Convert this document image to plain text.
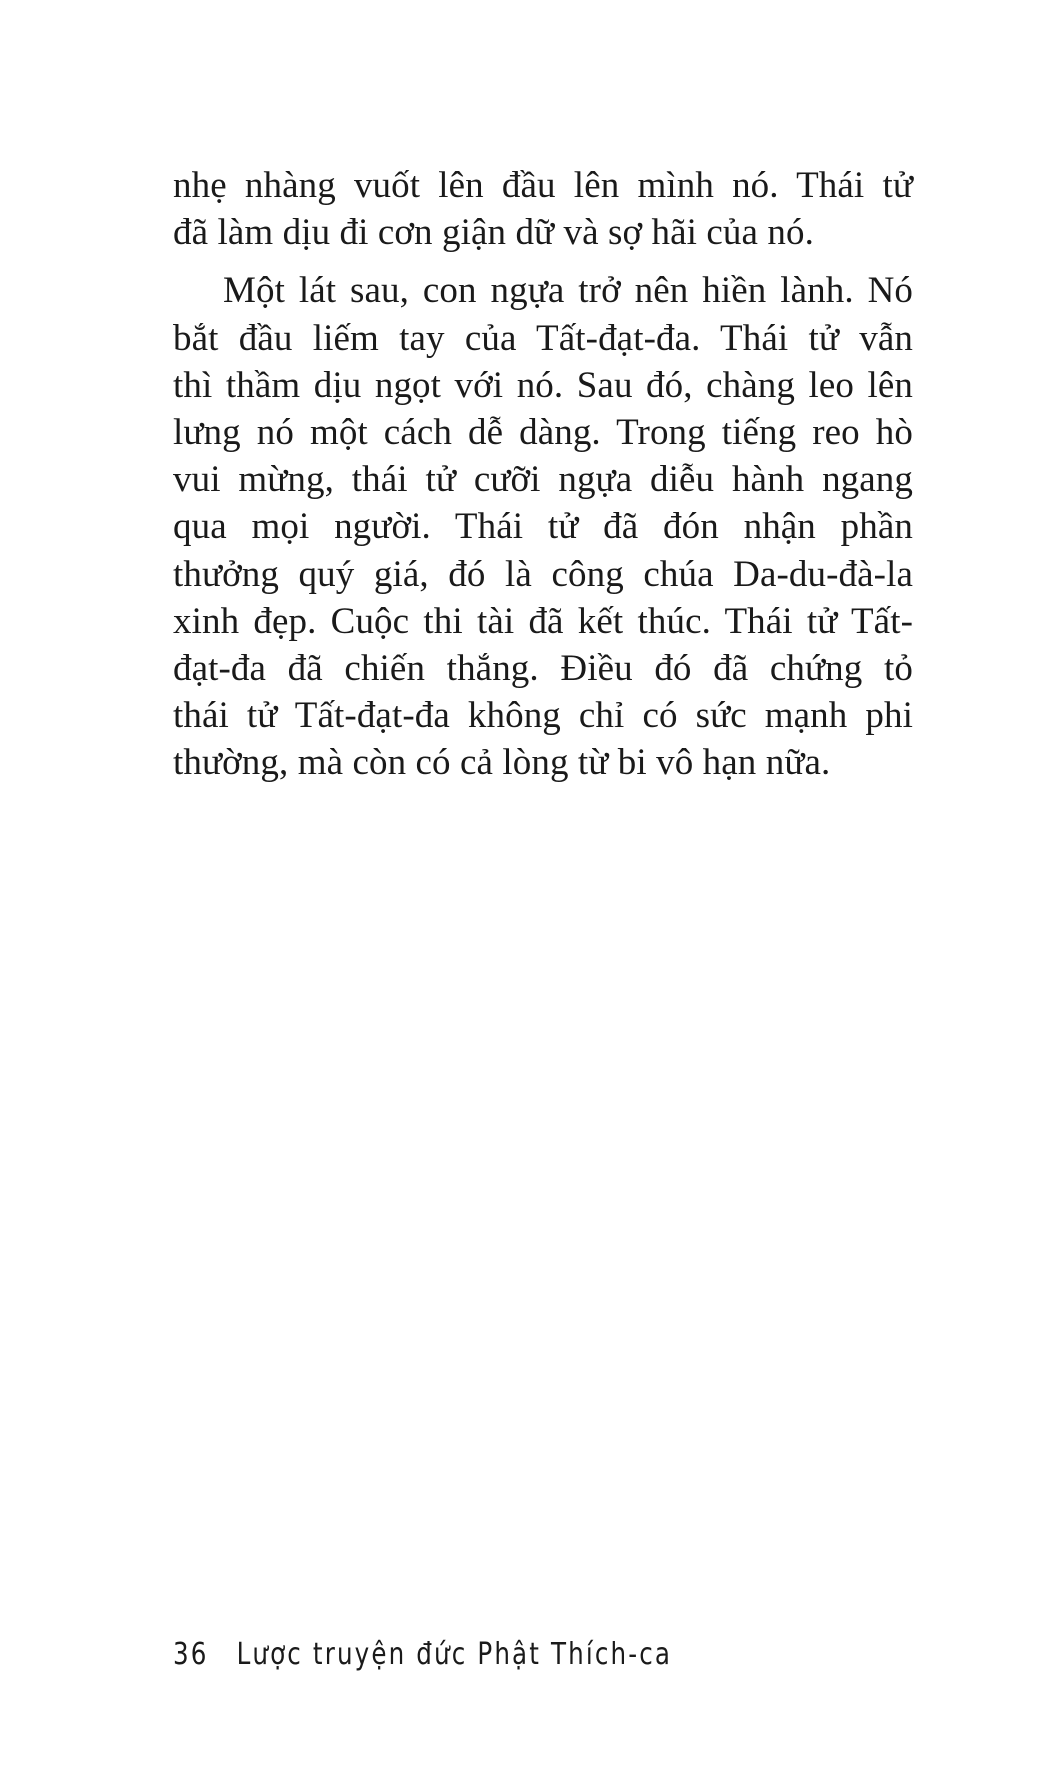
nhẹ nhàng vuốt lên đầu lên mình nó. Thái tử
đã làm dịu đi cơn giận dữ và sợ hãi của nó.
Một lát sau, con ngựa trở nên hiền lành. Nó
bắt đầu liếm tay của Tất-đạt-đa. Thái tử vẫn
thì thầm dịu ngọt với nó. Sau đó, chàng leo lên
lưng nó một cách dễ dàng. Trong tiếng reo hò
vui mừng, thái tử cưỡi ngựa diễu hành ngang
qua mọi người. Thái tử đã đón nhận phần
thưởng quý giá, đó là công chúa Da-du-đà-la
xinh đẹp. Cuộc thi tài đã kết thúc. Thái tử Tất-
đạt-đa đã chiến thắng. Điều đó đã chứng tỏ
thái tử Tất-đạt-đa không chỉ có sức mạnh phi
thường, mà còn có cả lòng từ bi vô hạn nữa.
36 Lược truyện đức Phật Thích-ca
